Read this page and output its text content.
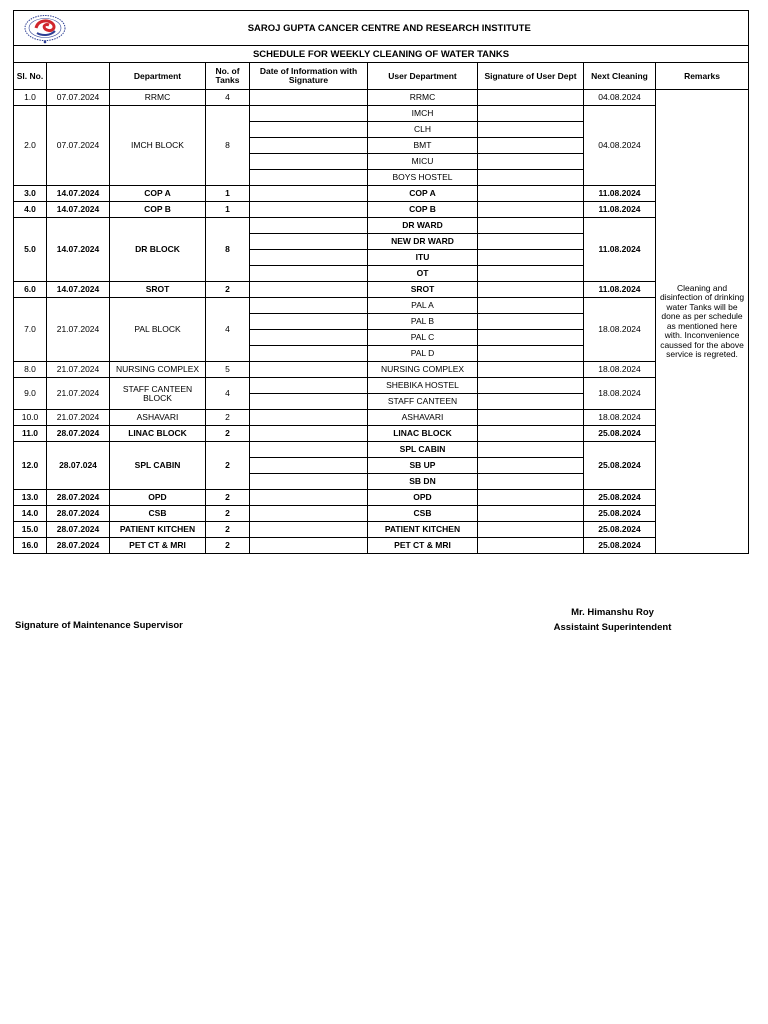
	SAROJ GUPTA CANCER CENTRE AND RESEARCH INSTITUTE						
SCHEDULE FOR WEEKLY CLEANING OF WATER TANKS								
Sl. No.		Department	No. of Tanks	Date of Information with Signature	User Department	Signature of User Dept	Next Cleaning	Remarks
1.0	07.07.2024	RRMC	4		RRMC		04.08.2024	Cleaning and disinfection of drinking water Tanks will be done as per schedule as mentioned here with. Inconvenience caussed for the above service is regreted.
2.0	07.07.2024	IMCH BLOCK	8		IMCH		04.08.2024	
					CLH			
					BMT			
					MICU			
					BOYS HOSTEL			
3.0	14.07.2024	COP A	1		COP A		11.08.2024	
4.0	14.07.2024	COP B	1		COP B		11.08.2024	
5.0	14.07.2024	DR BLOCK	8		DR WARD		11.08.2024	
					NEW DR WARD			
					ITU			
					OT			
6.0	14.07.2024	SROT	2		SROT		11.08.2024	
7.0	21.07.2024	PAL BLOCK	4		PAL A		18.08.2024	
					PAL B			
					PAL C			
					PAL D			
8.0	21.07.2024	NURSING COMPLEX	5		NURSING COMPLEX		18.08.2024	
9.0	21.07.2024	STAFF CANTEEN BLOCK	4		SHEBIKA HOSTEL		18.08.2024	
					STAFF CANTEEN			
10.0	21.07.2024	ASHAVARI	2		ASHAVARI		18.08.2024	
11.0	28.07.2024	LINAC BLOCK	2		LINAC BLOCK		25.08.2024	
12.0	28.07.024	SPL CABIN	2		SPL CABIN		25.08.2024	
					SB UP			
					SB DN			
13.0	28.07.2024	OPD	2		OPD		25.08.2024	
14.0	28.07.2024	CSB	2		CSB		25.08.2024	
15.0	28.07.2024	PATIENT KITCHEN	2		PATIENT KITCHEN		25.08.2024	
16.0	28.07.2024	PET CT & MRI	2		PET CT & MRI		25.08.2024	
Signature of Maintenance Supervisor
Mr. Himanshu Roy
Assistaint Superintendent
